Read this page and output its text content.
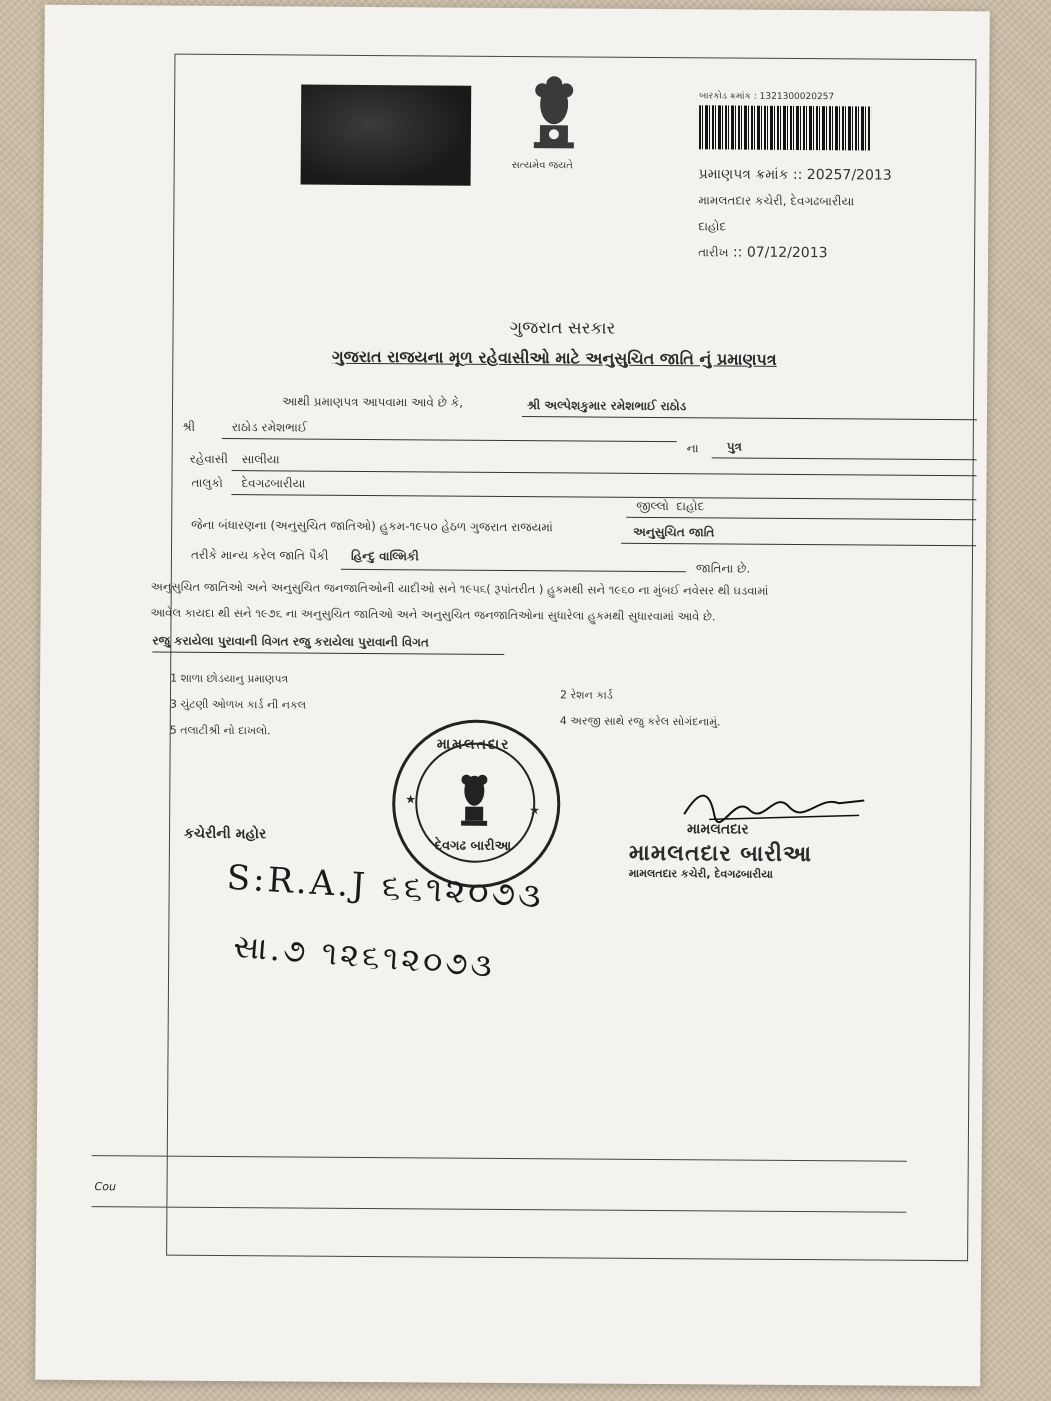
સત્યમેવ જયતે
બારકોડ ક્રમાંક : 1321300020257
પ્રમાણપત્ર ક્રમાંક :: 20257/2013
મામલતદાર કચેરી, દેવગઢબારીયા
દાહોદ
તારીખ :: 07/12/2013
ગુજરાત સરકાર
ગુજરાત રાજયના મૂળ રહેવાસીઓ માટે અનુસુચિત જાતિ નું પ્રમાણપત્ર
આથી પ્રમાણપત્ર આપવામા આવે છે કે,	શ્રી અલ્પેશકુમાર રમેશભાઈ રાઠોડ
શ્રી	રાઠોડ રમેશભાઈ
ના પુત્ર
રહેવાસી સાલીયા
તાલુકો દેવગઢબારીયા
જીલ્લો દાહોદ
જેના બંધારણના (અનુસુચિત જાતિઓ) હુકમ-૧૯૫૦ હેઠળ ગુજરાત રાજયમાં	અનુસુચિત જાતિ
તરીકે માન્ય કરેલ જાતિ પૈકી હિન્દુ વાલ્મિકી
જાતિના છે.
અનુસુચિત જાતિઓ અને અનુસુચિત જનજાતિઓની યાદીઓ સને ૧૯૫૬( રૂપાંતરીત ) હુકમથી સને ૧૯૬૦ ના મુંબઈ નવેસર થી ઘડવામાં
આવેલ કાયદા થી સને ૧૯૭૬ ના અનુસુચિત જાતિઓ અને અનુસુચિત જનજાતિઓના સુધારેલા હુકમથી સુધારવામાં આવે છે.
રજુ કરાયેલા પુરાવાની વિગત રજુ કરાયેલા પુરાવાની વિગત
1 શાળા છોડયાનુ પ્રમાણપત્ર
2 રેશન કાર્ડ
3 ચુંટણી ઓળખ કાર્ડ ની નકલ
4 અરજી સાથે રજુ કરેલ સોગંદનામું.
5 તલાટીશ્રી નો દાખલો.
મામલતદાર
દેવગઢ બારીઆ
★
★
કચેરીની મહોર	મામલતદાર
મામલતદાર બારીઆ
મામલતદાર કચેરી, દેવગઢબારીયા
S:R.A.J ૬૬૧૨૦૭૩
સા.૭ ૧૨૬૧૨૦૭૩
Cou
